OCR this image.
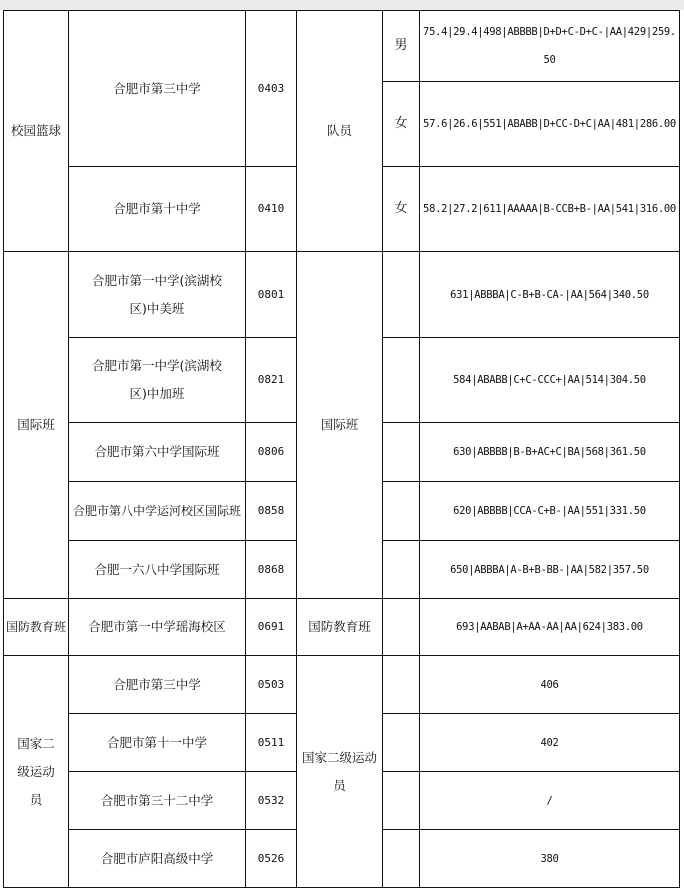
校园篮球	合肥市第三中学	0403	队员	男	75.4|29.4|498|ABBBB|D+D+C-D+C-|AA|429|259.50
				女	57.6|26.6|551|ABABB|D+CC-D+C|AA|481|286.00
	合肥市第十中学	0410		女	58.2|27.2|611|AAAAA|B-CCB+B-|AA|541|316.00
国际班	合肥市第一中学(滨湖校区)中美班	0801	国际班		631|ABBBA|C-B+B-CA-|AA|564|340.50
	合肥市第一中学(滨湖校区)中加班	0821			584|ABABB|C+C-CCC+|AA|514|304.50
	合肥市第六中学国际班	0806			630|ABBBB|B-B+AC+C|BA|568|361.50
	合肥市第八中学运河校区国际班	0858			620|ABBBB|CCA-C+B-|AA|551|331.50
	合肥一六八中学国际班	0868			650|ABBBA|A-B+B-BB-|AA|582|357.50
国防教育班	合肥市第一中学瑶海校区	0691	国防教育班		693|AABAB|A+AA-AA|AA|624|383.00
国家二级运动员	合肥市第三中学	0503	国家二级运动员		406
	合肥市第十一中学	0511			402
	合肥市第三十二中学	0532			/
	合肥市庐阳高级中学	0526			380
